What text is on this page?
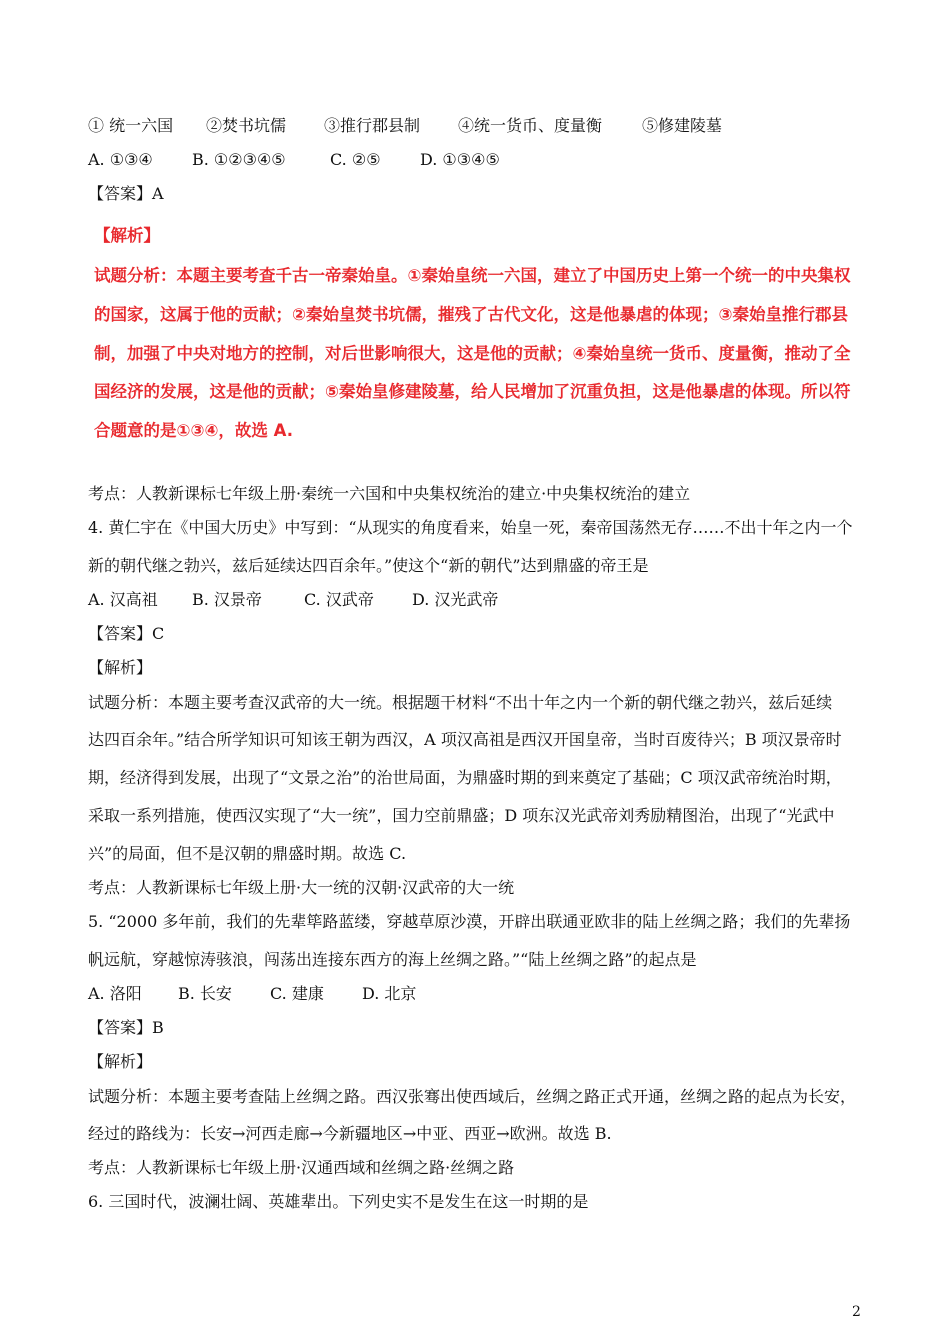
① 统一六国 ②焚书坑儒 ③推行郡县制 ④统一货币、度量衡 ⑤修建陵墓
A. ①③④ B. ①②③④⑤	C. ②⑤ D. ①③④⑤
【答案】A
【解析】
试题分析：本题主要考查千古一帝秦始皇。①秦始皇统一六国，建立了中国历史上第一个统一的中央集权
的国家，这属于他的贡献；②秦始皇焚书坑儒，摧残了古代文化，这是他暴虐的体现；③秦始皇推行郡县
制，加强了中央对地方的控制，对后世影响很大，这是他的贡献；④秦始皇统一货币、度量衡，推动了全
国经济的发展，这是他的贡献；⑤秦始皇修建陵墓，给人民增加了沉重负担，这是他暴虐的体现。所以符
合题意的是①③④，故选 A.
考点：人教新课标七年级上册·秦统一六国和中央集权统治的建立·中央集权统治的建立
4. 黄仁宇在《中国大历史》中写到：“从现实的角度看来，始皇一死，秦帝国荡然无存……不出十年之内一个
新的朝代继之勃兴，兹后延续达四百余年。”使这个“新的朝代”达到鼎盛的帝王是
A. 汉高祖 B. 汉景帝	C. 汉武帝 D. 汉光武帝
【答案】C
【解析】
试题分析：本题主要考查汉武帝的大一统。根据题干材料“不出十年之内一个新的朝代继之勃兴，兹后延续
达四百余年。”结合所学知识可知该王朝为西汉，A 项汉高祖是西汉开国皇帝，当时百废待兴；B 项汉景帝时
期，经济得到发展，出现了“文景之治”的治世局面，为鼎盛时期的到来奠定了基础；C 项汉武帝统治时期，
采取一系列措施，使西汉实现了“大一统”，国力空前鼎盛；D 项东汉光武帝刘秀励精图治，出现了“光武中
兴”的局面，但不是汉朝的鼎盛时期。故选 C.
考点：人教新课标七年级上册·大一统的汉朝·汉武帝的大一统
5. “2000 多年前，我们的先辈筚路蓝缕，穿越草原沙漠，开辟出联通亚欧非的陆上丝绸之路；我们的先辈扬
帆远航，穿越惊涛骇浪，闯荡出连接东西方的海上丝绸之路。”“陆上丝绸之路”的起点是
A. 洛阳 B. 长安 C. 建康 D. 北京
【答案】B
【解析】
试题分析：本题主要考查陆上丝绸之路。西汉张骞出使西域后，丝绸之路正式开通，丝绸之路的起点为长安，
经过的路线为：长安→河西走廊→今新疆地区→中亚、西亚→欧洲。故选 B.
考点：人教新课标七年级上册·汉通西域和丝绸之路·丝绸之路
6. 三国时代，波澜壮阔、英雄辈出。下列史实不是发生在这一时期的是
2
